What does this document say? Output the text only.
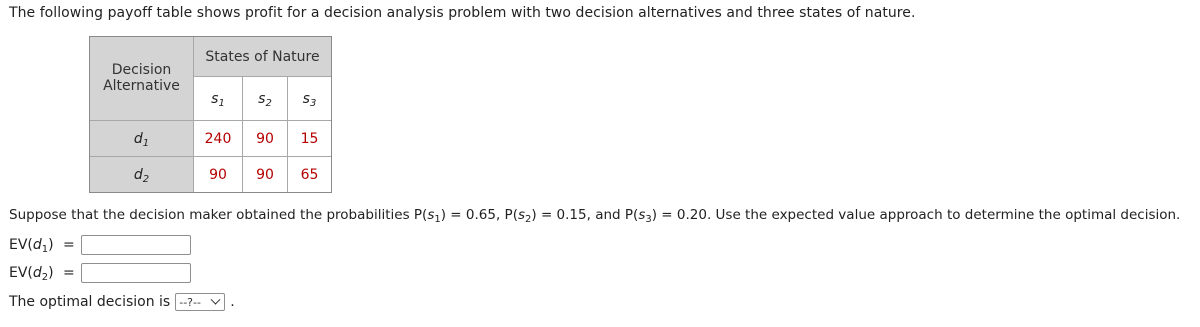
The following payoff table shows profit for a decision analysis problem with two decision alternatives and three states of nature.
Decision
Alternative
States of Nature
$s_1$ $s_2$ $s_3$
$d_1$	240	90	15
$d_2$	90	90	65
Suppose that the decision maker obtained the probabilities $P(s_1) = 0.65$, $P(s_2) = 0.15$, and $P(s_3) = 0.20$. Use the expected value approach to determine the optimal decision.
$EV(d_1)$ =
$EV(d_2)$ =
The optimal decision is --?-- .
